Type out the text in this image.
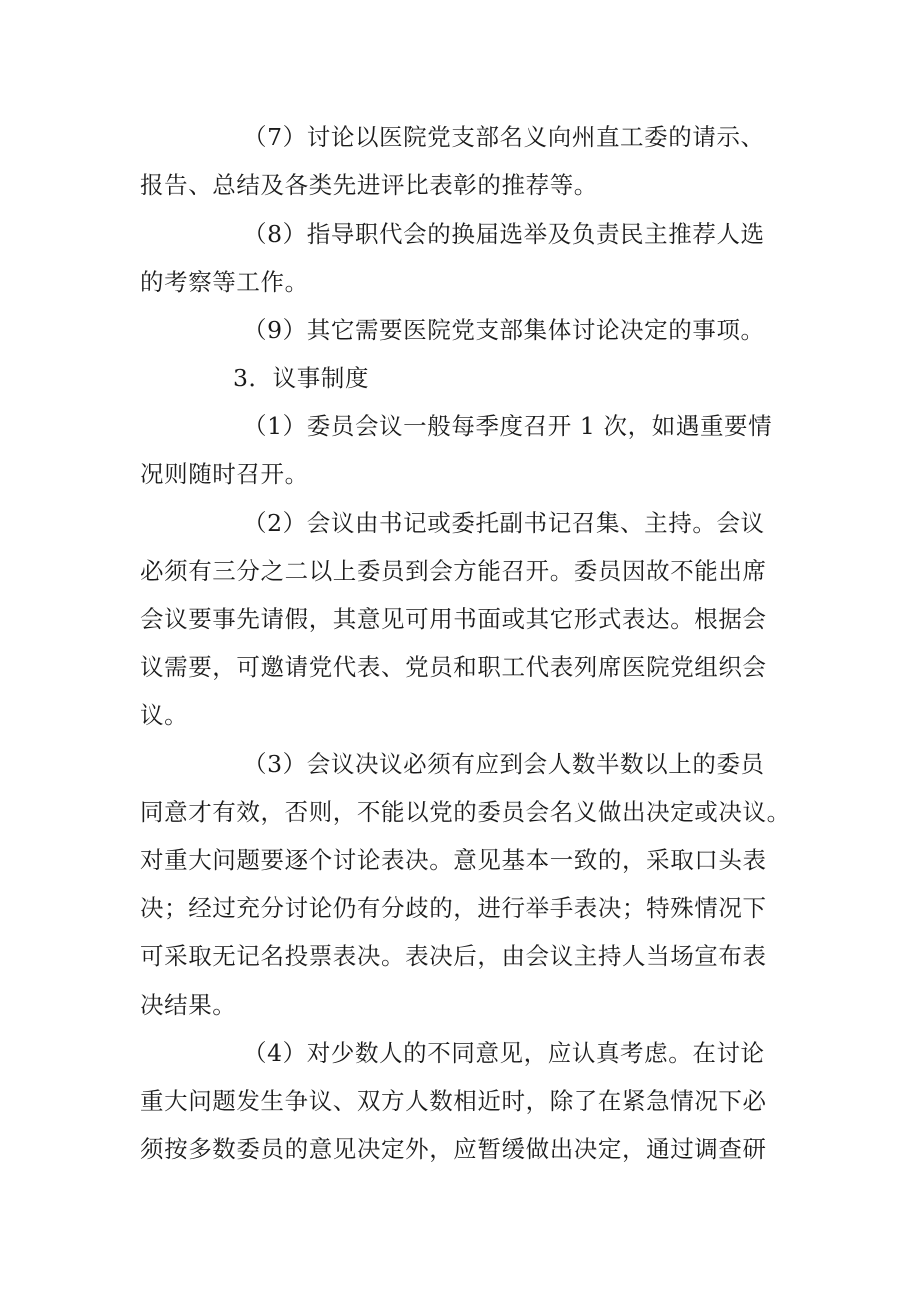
（7）讨论以医院党支部名义向州直工委的请示、
报告、总结及各类先进评比表彰的推荐等。
（8）指导职代会的换届选举及负责民主推荐人选
的考察等工作。
（9）其它需要医院党支部集体讨论决定的事项。
3．议事制度
（1）委员会议一般每季度召开 1 次，如遇重要情
况则随时召开。
（2）会议由书记或委托副书记召集、主持。会议
必须有三分之二以上委员到会方能召开。委员因故不能出席
会议要事先请假，其意见可用书面或其它形式表达。根据会
议需要，可邀请党代表、党员和职工代表列席医院党组织会
议。
（3）会议决议必须有应到会人数半数以上的委员
同意才有效，否则，不能以党的委员会名义做出决定或决议。
对重大问题要逐个讨论表决。意见基本一致的，采取口头表
决；经过充分讨论仍有分歧的，进行举手表决；特殊情况下
可采取无记名投票表决。表决后，由会议主持人当场宣布表
决结果。
（4）对少数人的不同意见，应认真考虑。在讨论
重大问题发生争议、双方人数相近时，除了在紧急情况下必
须按多数委员的意见决定外，应暂缓做出决定，通过调查研
